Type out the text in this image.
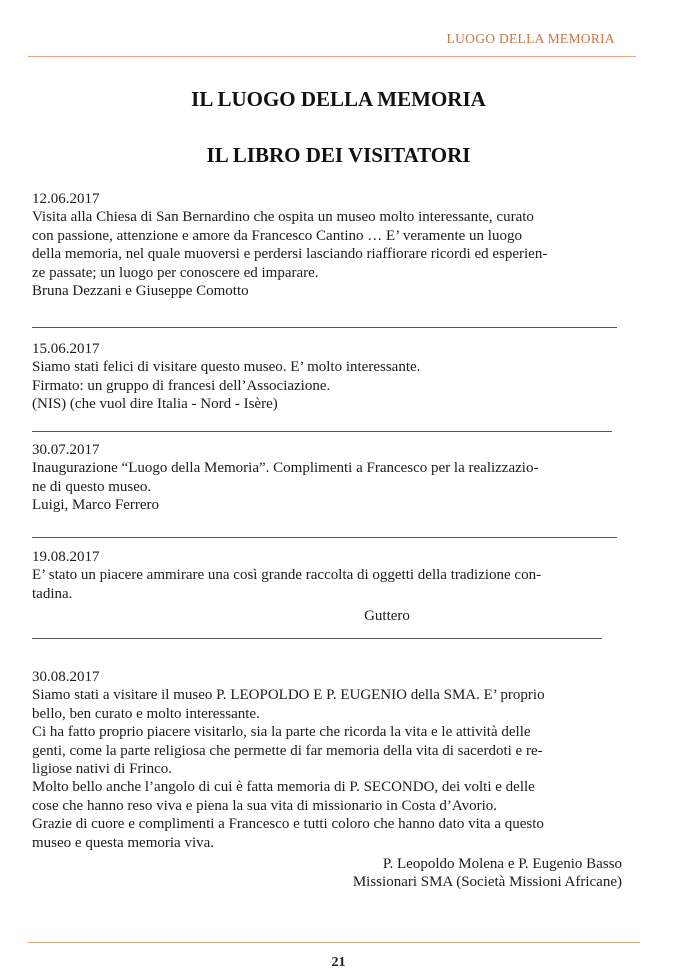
LUOGO DELLA MEMORIA
IL LUOGO DELLA MEMORIA
IL LIBRO DEI VISITATORI

12.06.2017

Visita alla Chiesa di San Bernardino che ospita un museo molto interessante, curato

con passione, attenzione e amore da Francesco Cantino … E’ veramente un luogo

della memoria, nel quale muoversi e perdersi lasciando riaffiorare ricordi ed esperien-

ze passate; un luogo per conoscere ed imparare.

Bruna Dezzani e Giuseppe Comotto

15.06.2017

Siamo stati felici di visitare questo museo. E’ molto interessante.

Firmato: un gruppo di francesi dell’Associazione.

(NIS) (che vuol dire Italia - Nord - Isère)

30.07.2017

Inaugurazione “Luogo della Memoria”. Complimenti a Francesco per la realizzazio-

ne di questo museo.

Luigi, Marco Ferrero

19.08.2017

E’ stato un piacere ammirare una così grande raccolta di oggetti della tradizione con-

tadina.

Guttero

30.08.2017

Siamo stati a visitare il museo P. LEOPOLDO E P. EUGENIO della SMA. E’ proprio

bello, ben curato e molto interessante.

Ci ha fatto proprio piacere visitarlo, sia la parte che ricorda la vita e le attività delle

genti, come la parte religiosa che permette di far memoria della vita di sacerdoti e re-

ligiose nativi di Frinco.

Molto bello anche l’angolo di cui è fatta memoria di P. SECONDO, dei volti e delle

cose che hanno reso viva e piena la sua vita di missionario in Costa d’Avorio.

Grazie di cuore e complimenti a Francesco e tutti coloro che hanno dato vita a questo

museo e questa memoria viva.

P. Leopoldo Molena e P. Eugenio Basso

Missionari SMA (Società Missioni Africane)

21
